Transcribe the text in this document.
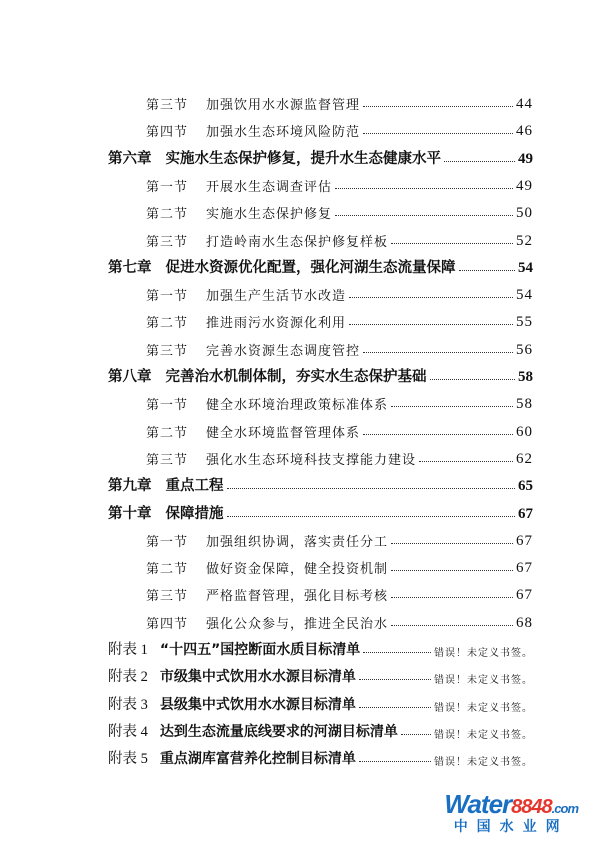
第三节 加强饮用水水源监督管理	44
第四节 加强水生态环境风险防范	46
第六章 实施水生态保护修复，提升水生态健康水平	49
第一节 开展水生态调查评估	49
第二节 实施水生态保护修复	50
第三节 打造岭南水生态保护修复样板	52
第七章 促进水资源优化配置，强化河湖生态流量保障	54
第一节 加强生产生活节水改造	54
第二节 推进雨污水资源化利用	55
第三节 完善水资源生态调度管控	56
第八章 完善治水机制体制，夯实水生态保护基础	58
第一节 健全水环境治理政策标准体系	58
第二节 健全水环境监督管理体系	60
第三节 强化水生态环境科技支撑能力建设	62
第九章 重点工程	65
第十章 保障措施	67
第一节 加强组织协调，落实责任分工	67
第二节 做好资金保障，健全投资机制	67
第三节 严格监督管理，强化目标考核	67
第四节 强化公众参与，推进全民治水	68
附表 1 “十四五”国控断面水质目标清单	错误！未定义书签。
附表 2 市级集中式饮用水水源目标清单	错误！未定义书签。
附表 3 县级集中式饮用水水源目标清单	错误！未定义书签。
附表 4 达到生态流量底线要求的河湖目标清单	错误！未定义书签。
附表 5 重点湖库富营养化控制目标清单	错误！未定义书签。
Water8848.com
中国水业网
